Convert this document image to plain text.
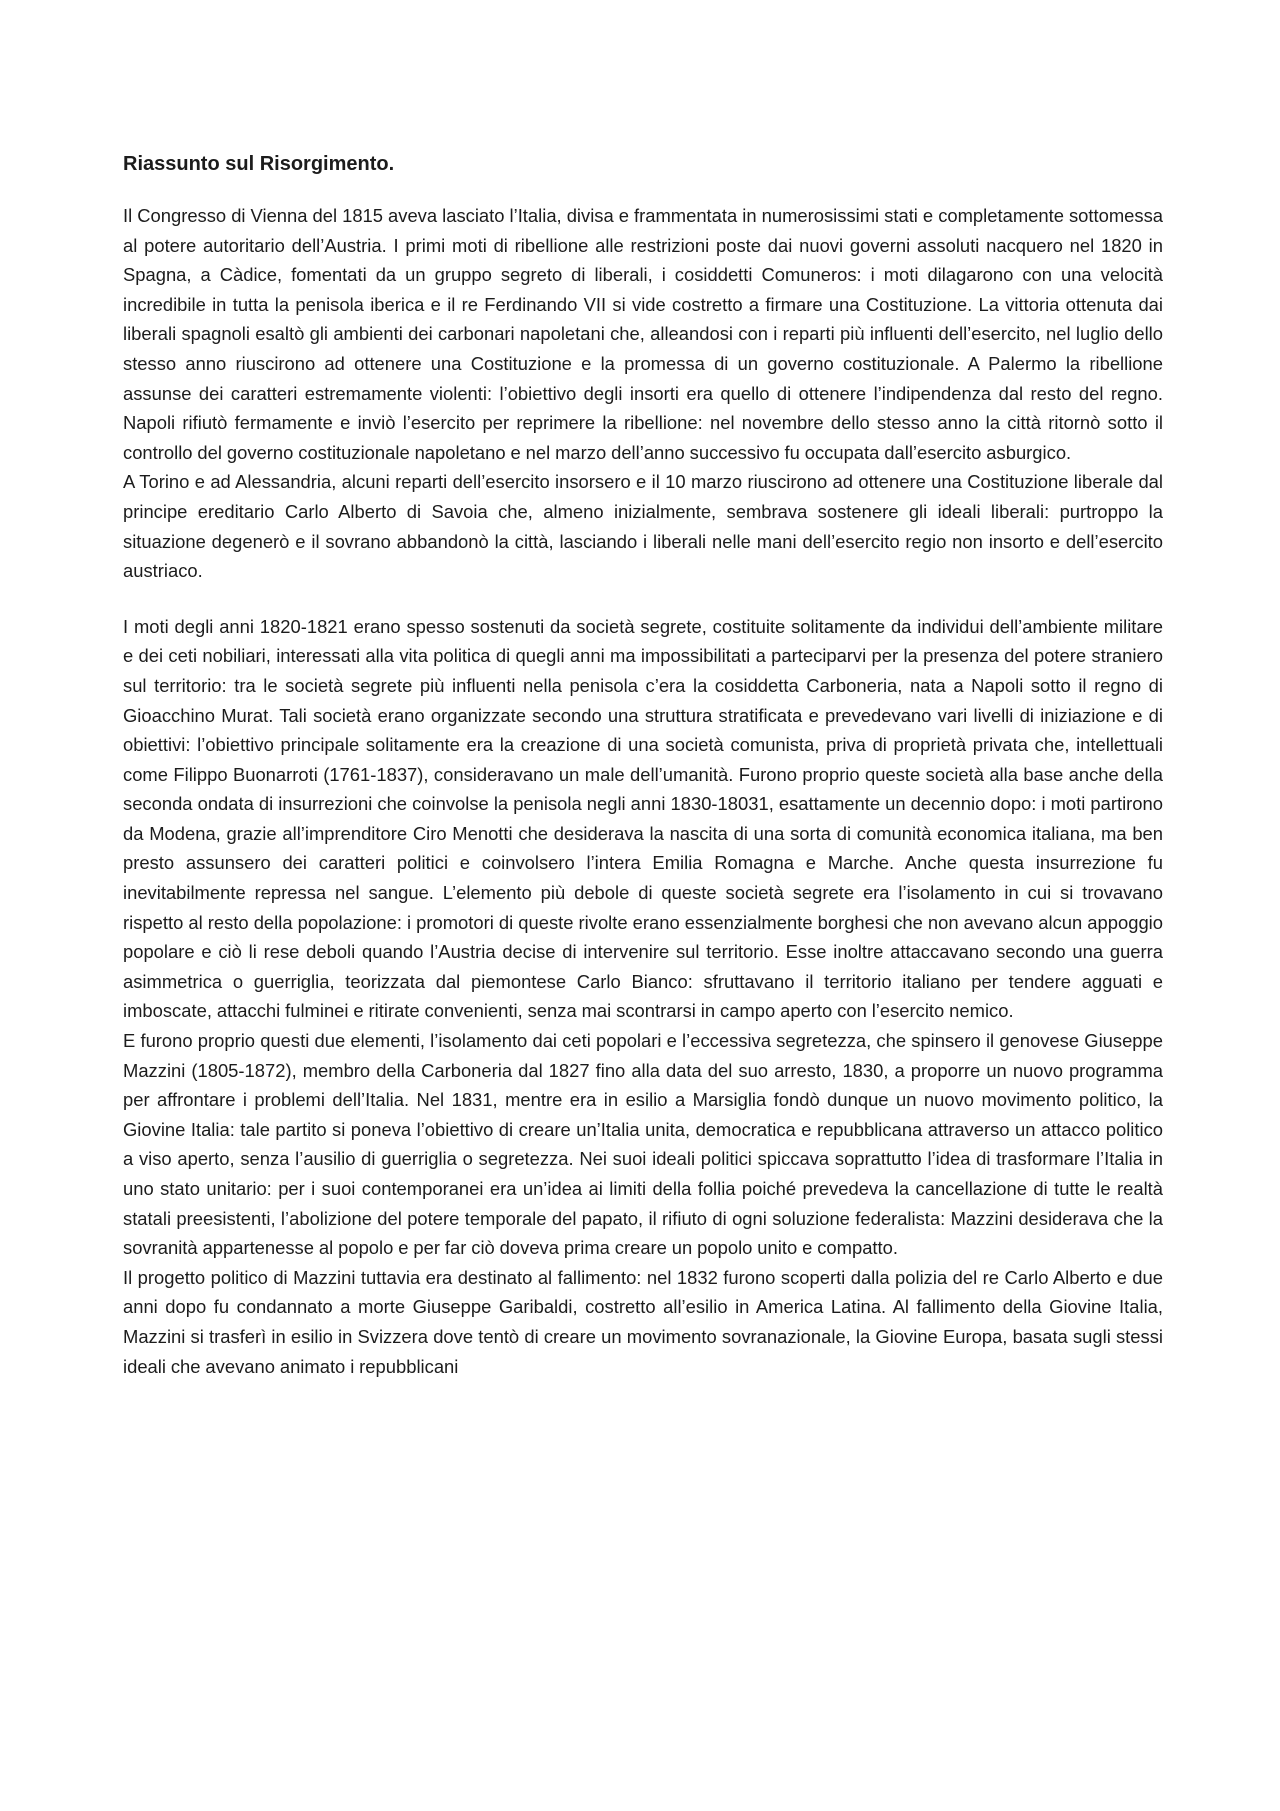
Riassunto sul Risorgimento.

Il Congresso di Vienna del 1815 aveva lasciato l’Italia, divisa e frammentata in numerosissimi stati e completamente sottomessa al potere autoritario dell’Austria. I primi moti di ribellione alle restrizioni poste dai nuovi governi assoluti nacquero nel 1820 in Spagna, a Càdice, fomentati da un gruppo segreto di liberali, i cosiddetti Comuneros: i moti dilagarono con una velocità incredibile in tutta la penisola iberica e il re Ferdinando VII si vide costretto a firmare una Costituzione. La vittoria ottenuta dai liberali spagnoli esaltò gli ambienti dei carbonari napoletani che, alleandosi con i reparti più influenti dell’esercito, nel luglio dello stesso anno riuscirono ad ottenere una Costituzione e la promessa di un governo costituzionale. A Palermo la ribellione assunse dei caratteri estremamente violenti: l’obiettivo degli insorti era quello di ottenere l’indipendenza dal resto del regno. Napoli rifiutò fermamente e inviò l’esercito per reprimere la ribellione: nel novembre dello stesso anno la città ritornò sotto il controllo del governo costituzionale napoletano e nel marzo dell’anno successivo fu occupata dall’esercito asburgico.

A Torino e ad Alessandria, alcuni reparti dell’esercito insorsero e il 10 marzo riuscirono ad ottenere una Costituzione liberale dal principe ereditario Carlo Alberto di Savoia che, almeno inizialmente, sembrava sostenere gli ideali liberali: purtroppo la situazione degenerò e il sovrano abbandonò la città, lasciando i liberali nelle mani dell’esercito regio non insorto e dell’esercito austriaco.

I moti degli anni 1820-1821 erano spesso sostenuti da società segrete, costituite solitamente da individui dell’ambiente militare e dei ceti nobiliari, interessati alla vita politica di quegli anni ma impossibilitati a parteciparvi per la presenza del potere straniero sul territorio: tra le società segrete più influenti nella penisola c’era la cosiddetta Carboneria, nata a Napoli sotto il regno di Gioacchino Murat. Tali società erano organizzate secondo una struttura stratificata e prevedevano vari livelli di iniziazione e di obiettivi: l’obiettivo principale solitamente era la creazione di una società comunista, priva di proprietà privata che, intellettuali come Filippo Buonarroti (1761-1837), consideravano un male dell’umanità. Furono proprio queste società alla base anche della seconda ondata di insurrezioni che coinvolse la penisola negli anni 1830-18031, esattamente un decennio dopo: i moti partirono da Modena, grazie all’imprenditore Ciro Menotti che desiderava la nascita di una sorta di comunità economica italiana, ma ben presto assunsero dei caratteri politici e coinvolsero l’intera Emilia Romagna e Marche. Anche questa insurrezione fu inevitabilmente repressa nel sangue. L’elemento più debole di queste società segrete era l’isolamento in cui si trovavano rispetto al resto della popolazione: i promotori di queste rivolte erano essenzialmente borghesi che non avevano alcun appoggio popolare e ciò li rese deboli quando l’Austria decise di intervenire sul territorio. Esse inoltre attaccavano secondo una guerra asimmetrica o guerriglia, teorizzata dal piemontese Carlo Bianco: sfruttavano il territorio italiano per tendere agguati e imboscate, attacchi fulminei e ritirate convenienti, senza mai scontrarsi in campo aperto con l’esercito nemico.

E furono proprio questi due elementi, l’isolamento dai ceti popolari e l’eccessiva segretezza, che spinsero il genovese Giuseppe Mazzini (1805-1872), membro della Carboneria dal 1827 fino alla data del suo arresto, 1830, a proporre un nuovo programma per affrontare i problemi dell’Italia. Nel 1831, mentre era in esilio a Marsiglia fondò dunque un nuovo movimento politico, la Giovine Italia: tale partito si poneva l’obiettivo di creare un’Italia unita, democratica e repubblicana attraverso un attacco politico a viso aperto, senza l’ausilio di guerriglia o segretezza. Nei suoi ideali politici spiccava soprattutto l’idea di trasformare l’Italia in uno stato unitario: per i suoi contemporanei era un’idea ai limiti della follia poiché prevedeva la cancellazione di tutte le realtà statali preesistenti, l’abolizione del potere temporale del papato, il rifiuto di ogni soluzione federalista: Mazzini desiderava che la sovranità appartenesse al popolo e per far ciò doveva prima creare un popolo unito e compatto.

Il progetto politico di Mazzini tuttavia era destinato al fallimento: nel 1832 furono scoperti dalla polizia del re Carlo Alberto e due anni dopo fu condannato a morte Giuseppe Garibaldi, costretto all’esilio in America Latina. Al fallimento della Giovine Italia, Mazzini si trasferì in esilio in Svizzera dove tentò di creare un movimento sovranazionale, la Giovine Europa, basata sugli stessi ideali che avevano animato i repubblicani
